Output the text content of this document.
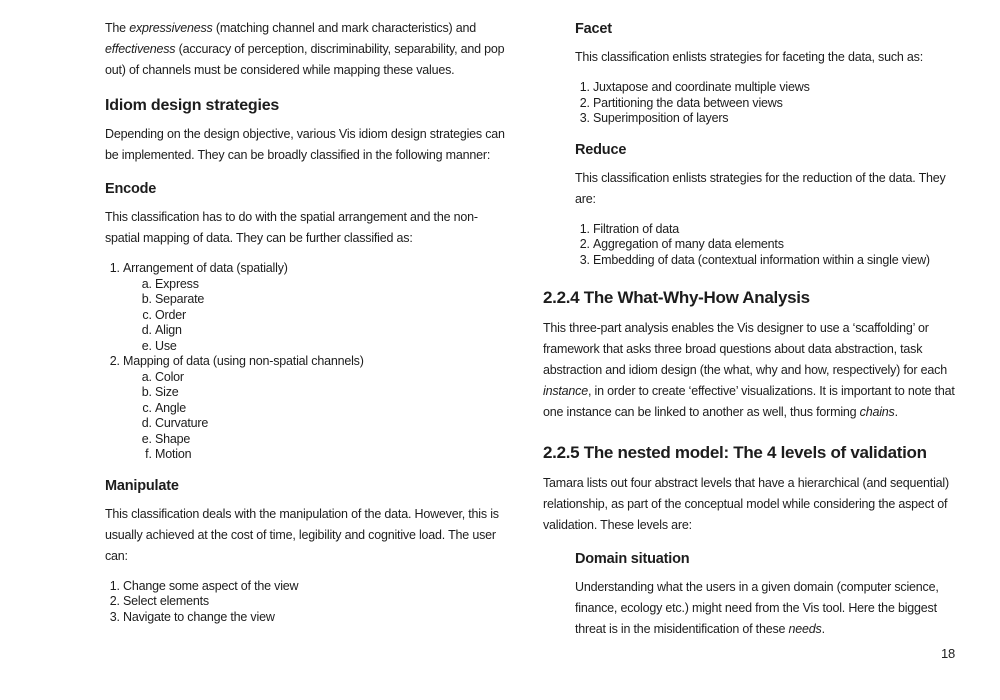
The expressiveness (matching channel and mark characteristics) and effectiveness (accuracy of perception, discriminability, separability, and pop out) of channels must be considered while mapping these values.

Idiom design strategies

Depending on the design objective, various Vis idiom design strategies can be implemented. They can be broadly classified in the following manner:

Encode

This classification has to do with the spatial arrangement and the non-spatial mapping of data. They can be further classified as:

1. Arrangement of data (spatially)
a. Express
b. Separate
c. Order
d. Align
e. Use
2. Mapping of data (using non-spatial channels)
a. Color
b. Size
c. Angle
d. Curvature
e. Shape
f. Motion
Manipulate

This classification deals with the manipulation of the data. However, this is usually achieved at the cost of time, legibility and cognitive load. The user can:

1. Change some aspect of the view
2. Select elements
3. Navigate to change the view
Facet

This classification enlists strategies for faceting the data, such as:

1. Juxtapose and coordinate multiple views
2. Partitioning the data between views
3. Superimposition of layers
Reduce

This classification enlists strategies for the reduction of the data. They are:

1. Filtration of data
2. Aggregation of many data elements
3. Embedding of data (contextual information within a single view)
2.2.4 The What-Why-How Analysis

This three-part analysis enables the Vis designer to use a ‘scaffolding’ or framework that asks three broad questions about data abstraction, task abstraction and idiom design (the what, why and how, respectively) for each instance, in order to create ‘effective’ visualizations. It is important to note that one instance can be linked to another as well, thus forming chains.

2.2.5 The nested model: The 4 levels of validation

Tamara lists out four abstract levels that have a hierarchical (and sequential) relationship, as part of the conceptual model while considering the aspect of validation. These levels are:

Domain situation

Understanding what the users in a given domain (computer science, finance, ecology etc.) might need from the Vis tool. Here the biggest threat is in the misidentification of these needs.

18
